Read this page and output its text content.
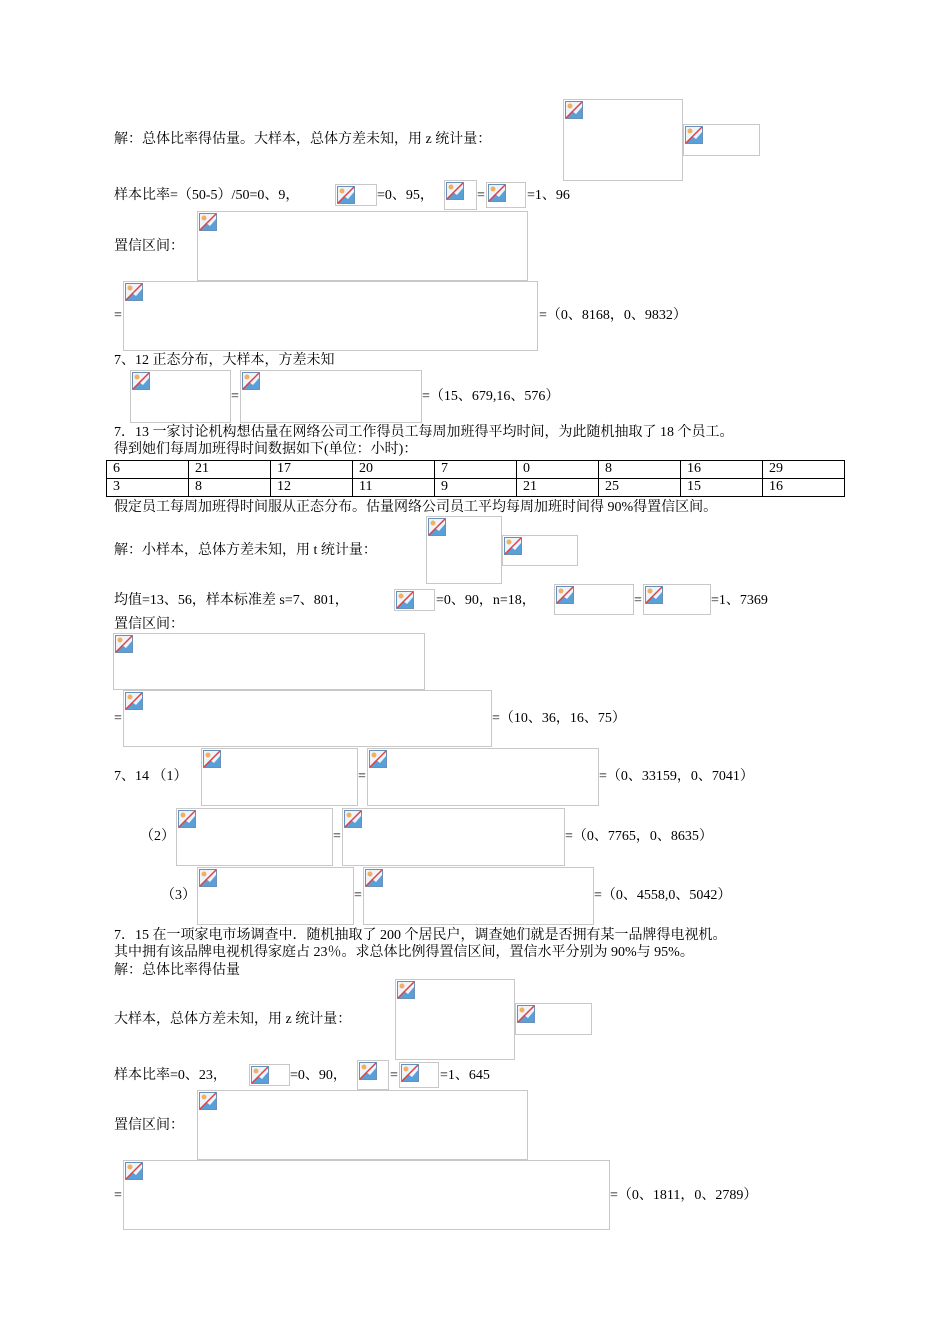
解：总体比率得估量。大样本，总体方差未知，用 z 统计量：
样本比率=（50-5）/50=0、9，	=0、95，	=	=1、96
置信区间：
=	=（0、8168，0、9832）
7、12 正态分布，大样本，方差未知
=	=（15、679,16、576）
7．13 一家讨论机构想估量在网络公司工作得员工每周加班得平均时间，为此随机抽取了 18 个员工。
得到她们每周加班得时间数据如下(单位：小时)：
6	21	17	20	7	0	8	16	29
3	8	12	11	9	21	25	15	16
假定员工每周加班得时间服从正态分布。估量网络公司员工平均每周加班时间得 90%得置信区间。
解：小样本，总体方差未知，用 t 统计量：
均值=13、56，样本标准差 s=7、801，	=0、90，n=18，	=	=1、7369
置信区间：
=	=（10、36，16、75）
7、14 （1）	=	=（0、33159，0、7041）
（2）	=	=（0、7765，0、8635）
（3）	=	=（0、4558,0、5042）
7．15 在一项家电市场调查中．随机抽取了 200 个居民户，调查她们就是否拥有某一品牌得电视机。
其中拥有该品牌电视机得家庭占 23％。求总体比例得置信区间，置信水平分别为 90%与 95%。
解：总体比率得估量
大样本，总体方差未知，用 z 统计量：
样本比率=0、23，	=0、90，	=	=1、645
置信区间：
=	=（0、1811，0、2789）
